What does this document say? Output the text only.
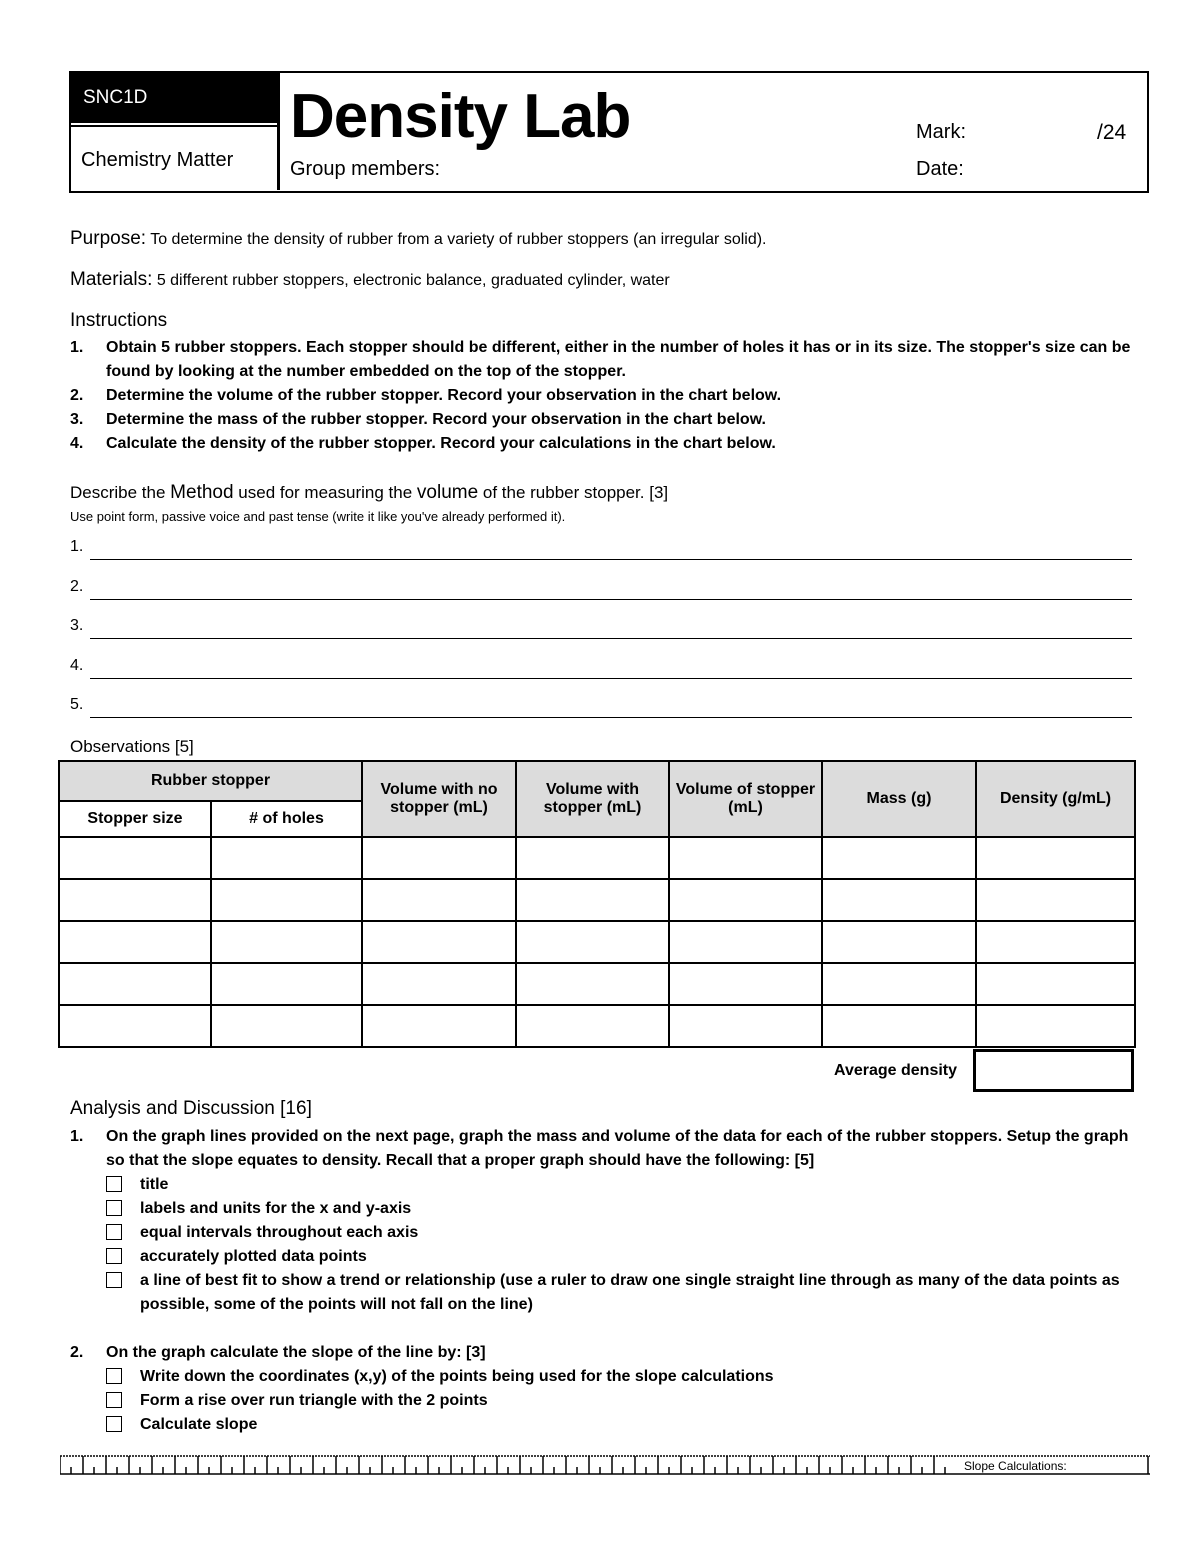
SNC1D
Chemistry Matter
Density Lab
Group members:
Mark:	/24
Date:
Purpose: To determine the density of rubber from a variety of rubber stoppers (an irregular solid).
Materials: 5 different rubber stoppers, electronic balance, graduated cylinder, water
Instructions
1.	Obtain 5 rubber stoppers. Each stopper should be different, either in the number of holes it has or in its size. The stopper's size can be found by looking at the number embedded on the top of the stopper.
2.	Determine the volume of the rubber stopper. Record your observation in the chart below.
3.	Determine the mass of the rubber stopper. Record your observation in the chart below.
4.	Calculate the density of the rubber stopper. Record your calculations in the chart below.
Describe the Method used for measuring the volume of the rubber stopper. [3]
Use point form, passive voice and past tense (write it like you've already performed it).
1.
2.
3.
4.
5.
Observations [5]
Rubber stopper		Volume with no stopper (mL)	Volume with stopper (mL)	Volume of stopper (mL)	Mass (g)	Density (g/mL)
Stopper size	# of holes					

Average density
Analysis and Discussion [16]
1.	On the graph lines provided on the next page, graph the mass and volume of the data for each of the rubber stoppers. Setup the graph so that the slope equates to density. Recall that a proper graph should have the following: [5]
title
labels and units for the x and y-axis
equal intervals throughout each axis
accurately plotted data points
a line of best fit to show a trend or relationship (use a ruler to draw one single straight line through as many of the data points as possible, some of the points will not fall on the line)
2.	On the graph calculate the slope of the line by: [3]
Write down the coordinates (x,y) of the points being used for the slope calculations
Form a rise over run triangle with the 2 points
Calculate slope
Slope Calculations:
